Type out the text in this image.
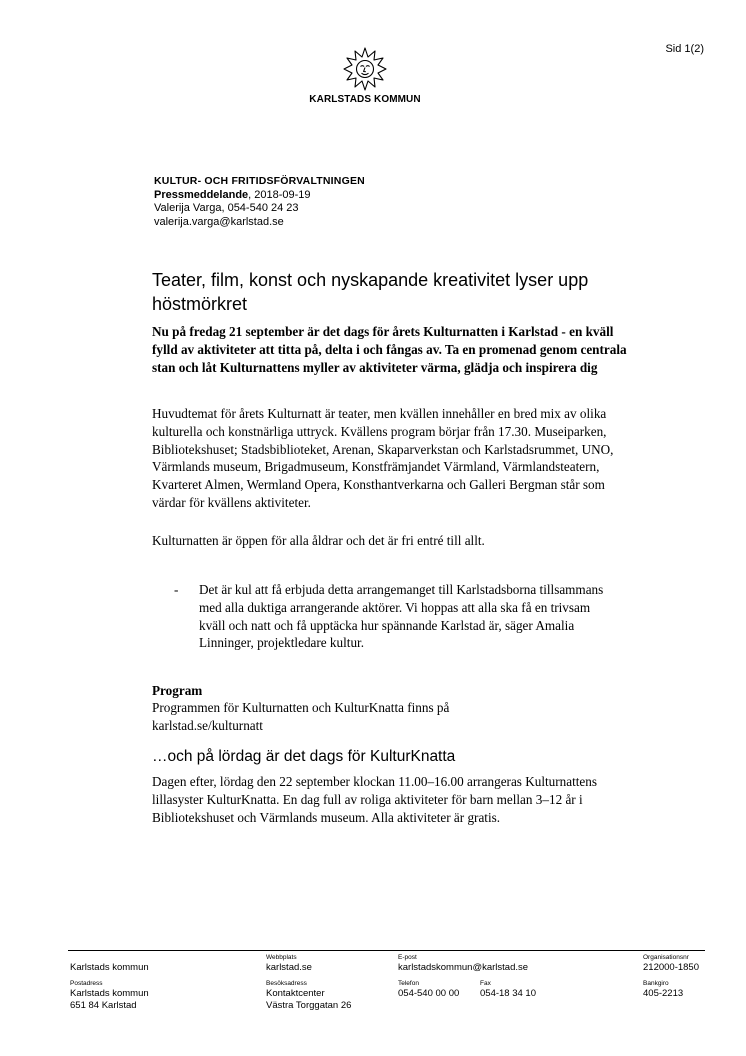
Sid 1(2)
KARLSTADS KOMMUN
KULTUR- OCH FRITIDSFÖRVALTNINGEN
Pressmeddelande, 2018-09-19
Valerija Varga, 054-540 24 23
valerija.varga@karlstad.se
Teater, film, konst och nyskapande kreativitet lyser upp höstmörkret

Nu på fredag 21 september är det dags för årets Kulturnatten i Karlstad - en kväll fylld av aktiviteter att titta på, delta i och fångas av. Ta en promenad genom centrala stan och låt Kulturnattens myller av aktiviteter värma, glädja och inspirera dig

Huvudtemat för årets Kulturnatt är teater, men kvällen innehåller en bred mix av olika kulturella och konstnärliga uttryck. Kvällens program börjar från 17.30. Museiparken, Bibliotekshuset; Stadsbiblioteket, Arenan, Skaparverkstan och Karlstadsrummet, UNO, Värmlands museum, Brigadmuseum, Konstfrämjandet Värmland, Värmlandsteatern, Kvarteret Almen, Wermland Opera, Konsthantverkarna och Galleri Bergman står som värdar för kvällens aktiviteter.

Kulturnatten är öppen för alla åldrar och det är fri entré till allt.

- Det är kul att få erbjuda detta arrangemanget till Karlstadsborna tillsammans med alla duktiga arrangerande aktörer. Vi hoppas att alla ska få en trivsam kväll och natt och få upptäcka hur spännande Karlstad är, säger Amalia Linninger, projektledare kultur.

Program

Programmen för Kulturnatten och KulturKnatta finns på karlstad.se/kulturnatt

…och på lördag är det dags för KulturKnatta

Dagen efter, lördag den 22 september klockan 11.00–16.00 arrangeras Kulturnattens lillasyster KulturKnatta. En dag full av roliga aktiviteter för barn mellan 3–12 år i Bibliotekshuset och Värmlands museum. Alla aktiviteter är gratis.

Karlstads kommun
Webbplats
karlstad.se
E-post
karlstadskommun@karlstad.se
Organisationsnr
212000-1850
Postadress
Karlstads kommun
651 84 Karlstad
Besöksadress
Kontaktcenter
Västra Torggatan 26
Telefon
054-540 00 00
Fax
054-18 34 10
Bankgiro
405-2213
